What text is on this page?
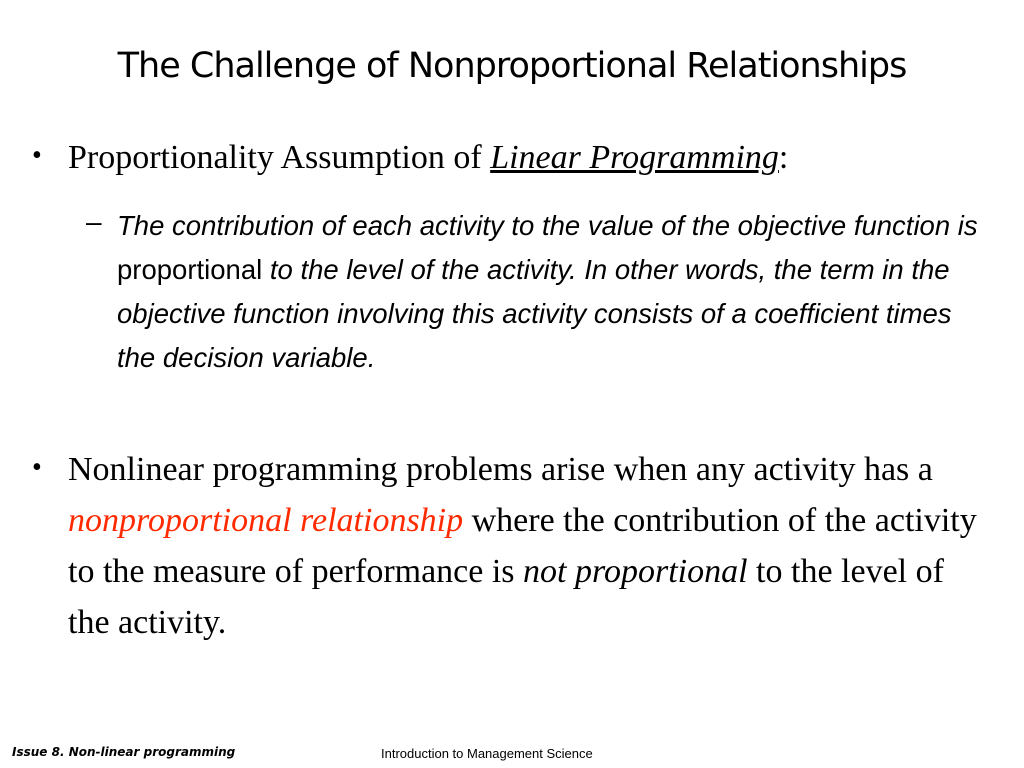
The Challenge of Nonproportional Relationships
• Proportionality Assumption of Linear Programming:
– The contribution of each activity to the value of the objective function is proportional to the level of the activity. In other words, the term in the objective function involving this activity consists of a coefficient times the decision variable.
• Nonlinear programming problems arise when any activity has a nonproportional relationship where the contribution of the activity to the measure of performance is not proportional to the level of the activity.
Issue 8. Non-linear programming	Introduction to Management Science
